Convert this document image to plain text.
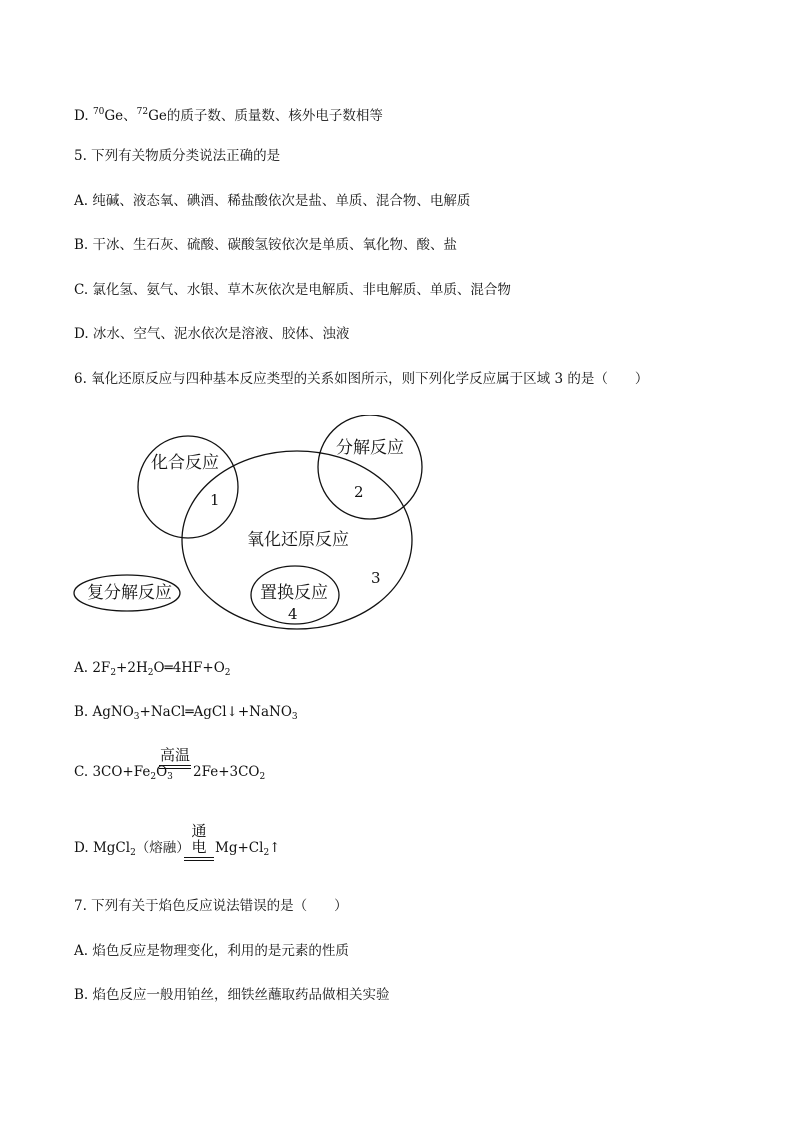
D. $^{70}$Ge、$^{72}$Ge的质子数、质量数、核外电子数相等
5. 下列有关物质分类说法正确的是
A. 纯碱、液态氧、碘酒、稀盐酸依次是盐、单质、混合物、电解质
B. 干冰、生石灰、硫酸、碳酸氢铵依次是单质、氧化物、酸、盐
C. 氯化氢、氨气、水银、草木灰依次是电解质、非电解质、单质、混合物
D. 冰水、空气、泥水依次是溶液、胶体、浊液
6. 氧化还原反应与四种基本反应类型的关系如图所示，则下列化学反应属于区域 3 的是（　　）
化合反应
分解反应
氧化还原反应
复分解反应	置换反应
1	2
3
4
A. $2F_2+2H_2O═4HF+O_2$
B. AgNO$_3$+NaCl═AgCl↓+NaNO$_3$
C. $3CO+Fe_2O_3$
高温
$2Fe+3CO_2$
D. MgCl$_2$（熔融）
通电 $Mg+Cl_2↑$
7. 下列有关于焰色反应说法错误的是（　　）
A. 焰色反应是物理变化，利用的是元素的性质
B. 焰色反应一般用铂丝，细铁丝蘸取药品做相关实验
